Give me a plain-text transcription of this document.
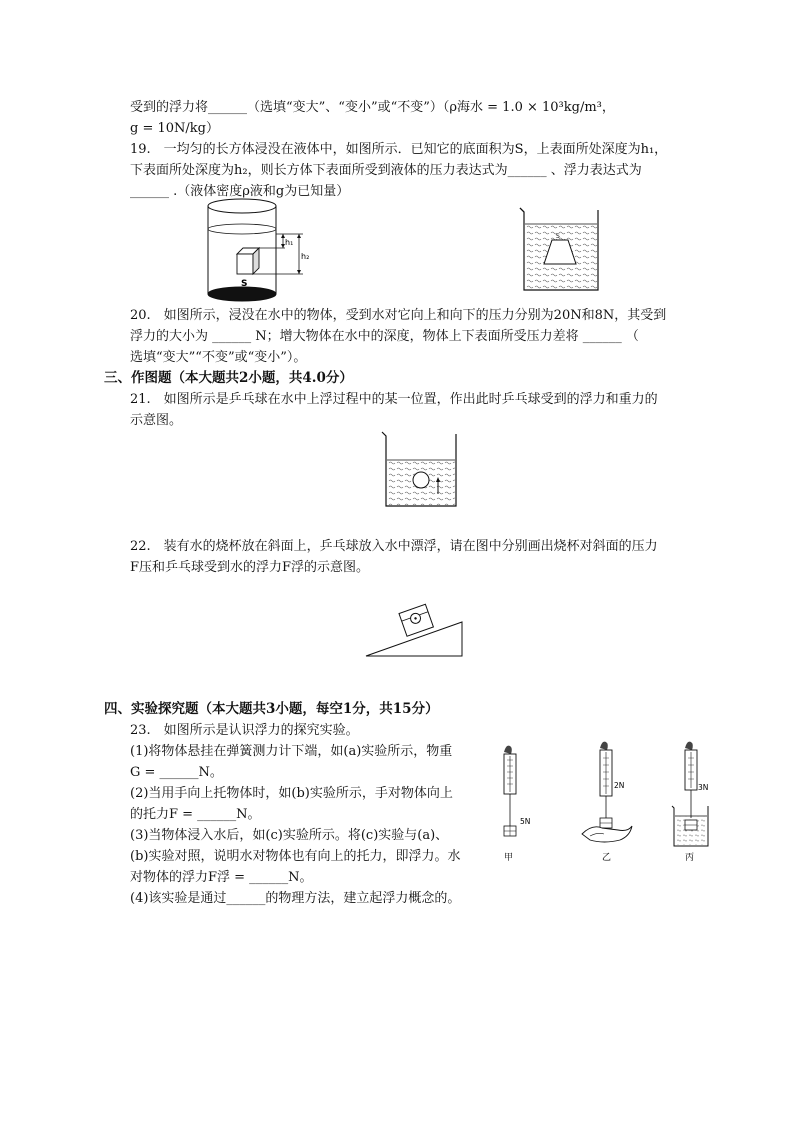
受到的浮力将______（选填“变大”、“变小”或“不变”）（ρ海水 = 1.0 × 10³kg/m³，
g = 10N/kg）
19.　一均匀的长方体浸没在液体中，如图所示．已知它的底面积为S，上表面所处深度为h₁，
下表面所处深度为h₂，则长方体下表面所受到液体的压力表达式为______ 、浮力表达式为
______ .（液体密度ρ液和g为已知量）
h₁
h₂
S
S
20.　如图所示，浸没在水中的物体，受到水对它向上和向下的压力分别为20N和8N，其受到
浮力的大小为 ______ N；增大物体在水中的深度，物体上下表面所受压力差将 ______ （
选填“变大”“不变”或“变小”）。
三、作图题（本大题共2小题，共4.0分）
21.　如图所示是乒乓球在水中上浮过程中的某一位置，作出此时乒乓球受到的浮力和重力的
示意图。
22.　装有水的烧杯放在斜面上，乒乓球放入水中漂浮，请在图中分别画出烧杯对斜面的压力
F压和乒乓球受到水的浮力F浮的示意图。
四、实验探究题（本大题共3小题，每空1分，共15分）
23.　如图所示是认识浮力的探究实验。
(1)将物体悬挂在弹簧测力计下端，如(a)实验所示，物重
G = ______N。
(2)当用手向上托物体时，如(b)实验所示，手对物体向上
的托力F = ______N。
(3)当物体浸入水后，如(c)实验所示。将(c)实验与(a)、
(b)实验对照，说明水对物体也有向上的托力，即浮力。水
对物体的浮力F浮 = ______N。
(4)该实验是通过______的物理方法，建立起浮力概念的。
5N
甲
2N
乙
3N
丙
